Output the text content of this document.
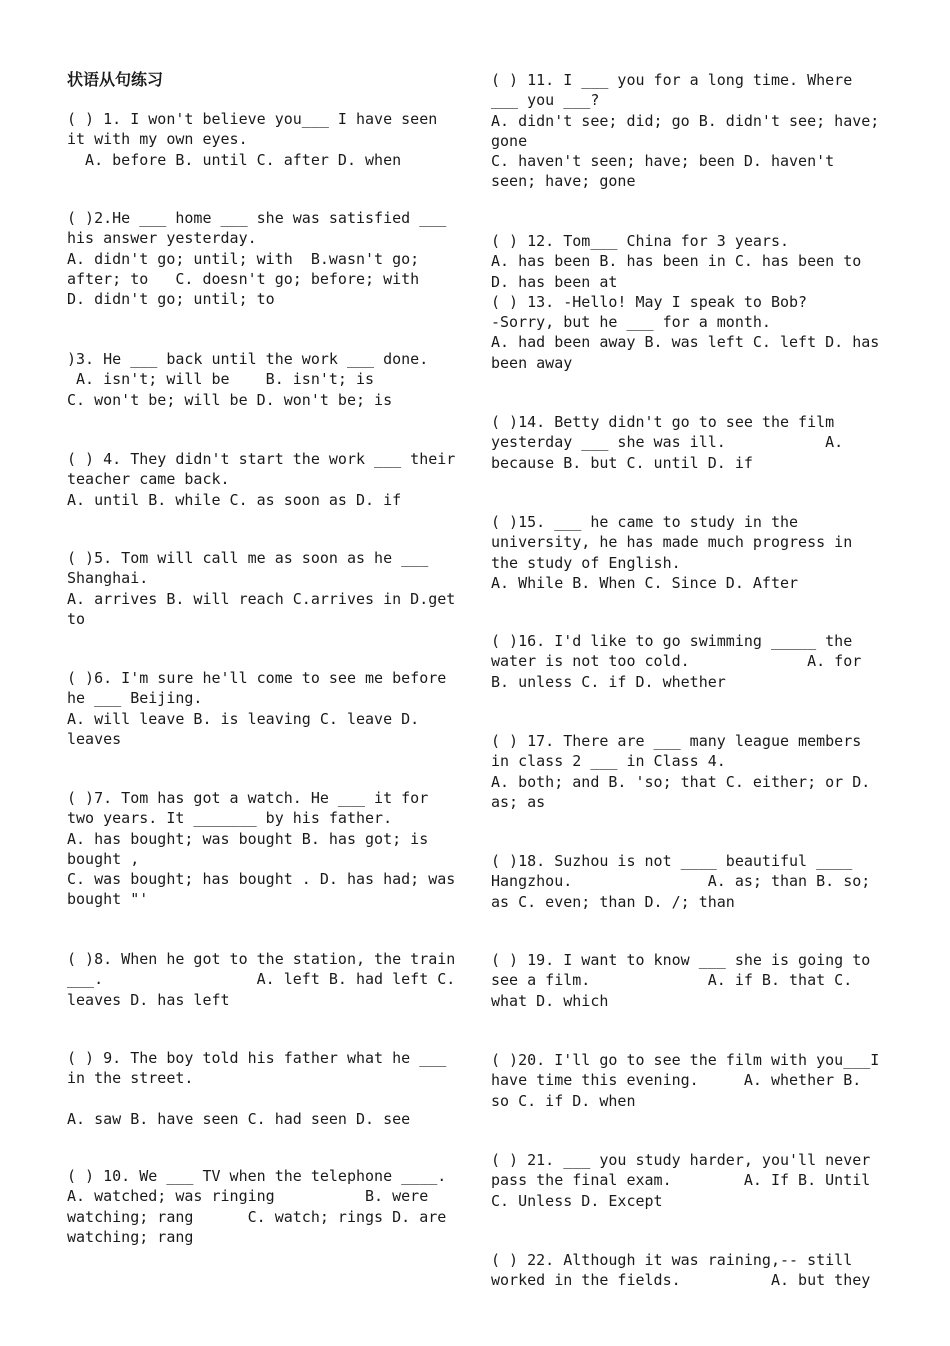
状语从句练习
( ) 1. I won't believe you___ I have seen
it with my own eyes.
A. before B. until C. after D. when
( )2.He ___ home ___ she was satisfied ___
his answer yesterday.
A. didn't go; until; with  B.wasn't go;
after; to   C. doesn't go; before; with
D. didn't go; until; to
)3. He ___ back until the work ___ done.
A. isn't; will be    B. isn't; is
C. won't be; will be D. won't be; is
( ) 4. They didn't start the work ___ their
teacher came back.
A. until B. while C. as soon as D. if
( )5. Tom will call me as soon as he ___
Shanghai.
A. arrives B. will reach C.arrives in D.get
to
( )6. I'm sure he'll come to see me before
he ___ Beijing.
A. will leave B. is leaving C. leave D.
leaves
( )7. Tom has got a watch. He ___ it for
two years. It _______ by his father.
A. has bought; was bought B. has got; is
bought ,
C. was bought; has bought . D. has had; was
bought "'
( )8. When he got to the station, the train
___.                 A. left B. had left C.
leaves D. has left
( ) 9. The boy told his father what he ___
in the street.

A. saw B. have seen C. had seen D. see
( ) 10. We ___ TV when the telephone ____.
A. watched; was ringing          B. were
watching; rang      C. watch; rings D. are
watching; rang
( ) 11. I ___ you for a long time. Where
___ you ___?
A. didn't see; did; go B. didn't see; have;
gone
C. haven't seen; have; been D. haven't
seen; have; gone
( ) 12. Tom___ China for 3 years.
A. has been B. has been in C. has been to
D. has been at
( ) 13. -Hello! May I speak to Bob?
-Sorry, but he ___ for a month.
A. had been away B. was left C. left D. has
been away
( )14. Betty didn't go to see the film
yesterday ___ she was ill.           A.
because B. but C. until D. if
( )15. ___ he came to study in the
university, he has made much progress in
the study of English.
A. While B. When C. Since D. After
( )16. I'd like to go swimming _____ the
water is not too cold.             A. for
B. unless C. if D. whether
( ) 17. There are ___ many league members
in class 2 ___ in Class 4.
A. both; and B. 'so; that C. either; or D.
as; as
( )18. Suzhou is not ____ beautiful ____
Hangzhou.               A. as; than B. so;
as C. even; than D. /; than
( ) 19. I want to know ___ she is going to
see a film.             A. if B. that C.
what D. which
( )20. I'll go to see the film with you___I
have time this evening.     A. whether B.
so C. if D. when
( ) 21. ___ you study harder, you'll never
pass the final exam.        A. If B. Until
C. Unless D. Except
( ) 22. Although it was raining,-- still
worked in the fields.          A. but they
